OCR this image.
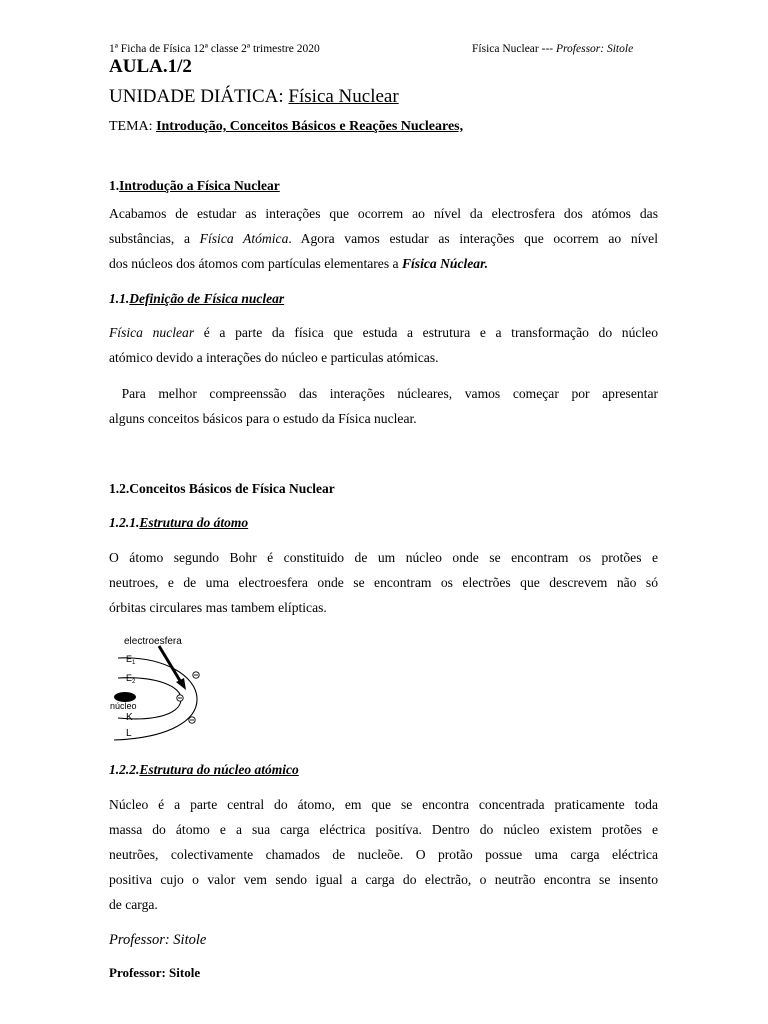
1ª Ficha de Física 12ª classe 2ª trimestre 2020	Física Nuclear --- Professor: Sitole
AULA.1/2
UNIDADE DIÁTICA: Física Nuclear
TEMA: Introdução, Conceitos Básicos e Reações Nucleares,
1.Introdução a Física Nuclear
Acabamos de estudar as interações que ocorrem ao nível da electrosfera dos atómos das
substâncias, a Física Atómica. Agora vamos estudar as interações que ocorrem ao nível
dos núcleos dos átomos com partículas elementares a Física Núclear.
1.1.Definição de Física nuclear
Física nuclear é a parte da física que estuda a estrutura e a transformação do núcleo
atómico devido a interações do núcleo e particulas atómicas.
Para melhor compreenssão das interações núcleares, vamos começar por apresentar
alguns conceitos básicos para o estudo da Física nuclear.
1.2.Conceitos Básicos de Física Nuclear
1.2.1.Estrutura do átomo
O átomo segundo Bohr é constituido de um núcleo onde se encontram os protões e
neutroes, e de uma electroesfera onde se encontram os electrões que descrevem não só
órbitas circulares mas tambem elípticas.
electroesfera
$E_1$
$E_2$
núcleo
K
L
1.2.2.Estrutura do núcleo atómico
Núcleo é a parte central do átomo, em que se encontra concentrada praticamente toda
massa do átomo e a sua carga eléctrica positíva. Dentro do núcleo existem protões e
neutrões, colectivamente chamados de nucleõe. O protão possue uma carga eléctrica
positiva cujo o valor vem sendo igual a carga do electrão, o neutrão encontra se insento
de carga.
Professor: Sitole
Professor: Sitole
